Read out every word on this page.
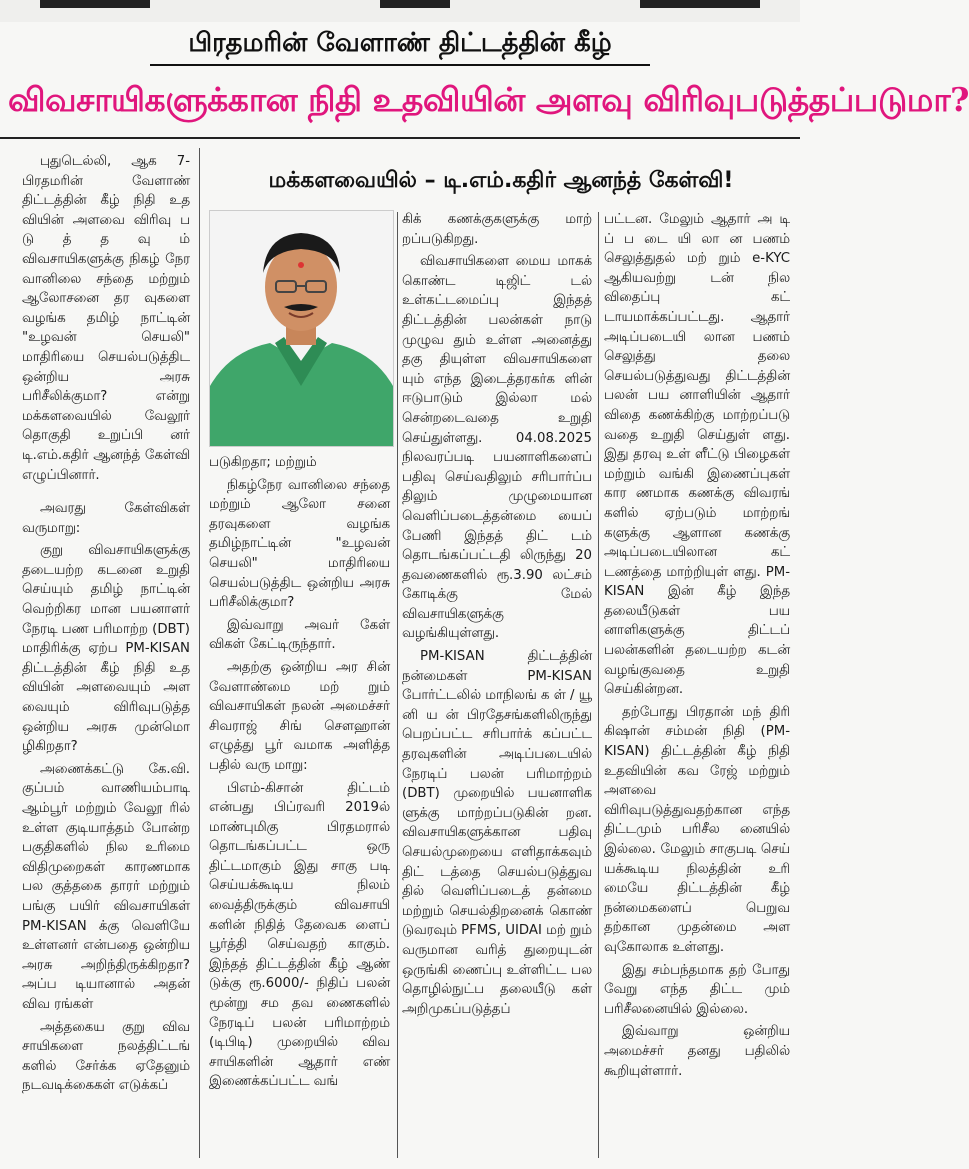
பிரதமரின் வேளாண் திட்டத்தின் கீழ்
விவசாயிகளுக்கான நிதி உதவியின் அளவு விரிவுபடுத்தப்படுமா?
மக்களவையில் – டி.எம்.கதிர் ஆனந்த் கேள்வி!

புதுடெல்லி, ஆக 7- பிரதமரின் வேளாண் திட்டத்தின் கீழ் நிதி உத வியின் அளவை விரிவு ப டு த் த வு ம் விவசாயிகளுக்கு நிகழ் நேர வானிலை சந்தை மற்றும் ஆலோசனை தர வுகளை வழங்க தமிழ் நாட்டின் "உழவன் செயலி" மாதிரியை செயல்படுத்திட ஒன்றிய அரசு பரிசீலிக்குமா? என்று மக்களவையில் வேலூர் தொகுதி உறுப்பி னர் டி.எம்.கதிர் ஆனந்த் கேள்வி எழுப்பினார்.

அவரது கேள்விகள் வருமாறு:

குறு விவசாயிகளுக்கு தடையற்ற கடனை உறுதி செய்யும் தமிழ் நாட்டின் வெற்றிகர மான பயனாளர் நேரடி பண பரிமாற்ற (DBT) மாதிரிக்கு ஏற்ப PM-KISAN திட்டத்தின் கீழ் நிதி உத வியின் அளவையும் அள வையும் விரிவுபடுத்த ஒன்றிய அரசு முன்மொ ழிகிறதா?

அணைக்கட்டு கே.வி. குப்பம் வாணியம்பாடி ஆம்பூர் மற்றும் வேலூ ரில் உள்ள குடியாத்தம் போன்ற பகுதிகளில் நில உரிமை விதிமுறைகள் காரணமாக பல குத்தகை தாரர் மற்றும் பங்கு பயிர் விவசாயிகள் PM-KISAN க்கு வெளியே உள்ளனர் என்பதை ஒன்றிய அரசு அறிந்திருக்கிறதா? அப்ப டியானால் அதன் விவ ரங்கள்

அத்தகைய குறு விவ சாயிகளை நலத்திட்டங் களில் சேர்க்க ஏதேனும் நடவடிக்கைகள் எடுக்கப்

படுகிறதா; மற்றும்

நிகழ்நேர வானிலை சந்தை மற்றும் ஆலோ சனை தரவுகளை வழங்க தமிழ்நாட்டின் "உழவன் செயலி" மாதிரியை செயல்படுத்திட ஒன்றிய அரசு பரிசீலிக்குமா?

இவ்வாறு அவர் கேள் விகள் கேட்டிருந்தார்.

அதற்கு ஒன்றிய அர சின் வேளாண்மை மற் றும் விவசாயிகள் நலன் அமைச்சர் சிவராஜ் சிங் சௌஹான் எழுத்து பூர் வமாக அளித்த பதில் வரு மாறு:

பிஎம்-கிசான் திட்டம் என்பது பிப்ரவரி 2019ல் மாண்புமிகு பிரதமரால் தொடங்கப்பட்ட ஒரு திட்டமாகும் இது சாகு படி செய்யக்கூடிய நிலம் வைத்திருக்கும் விவசாயி களின் நிதித் தேவைக ளைப் பூர்த்தி செய்வதற் காகும். இந்தத் திட்டத்தின் கீழ் ஆண் டுக்கு ரூ.6000/- நிதிப் பலன் மூன்று சம தவ ணைகளில் நேரடிப் பலன் பரிமாற்றம் (டிபிடி) முறையில் விவ சாயிகளின் ஆதார் எண் இணைக்கப்பட்ட வங்

கிக் கணக்குகளுக்கு மாற் றப்படுகிறது.

விவசாயிகளை மைய மாகக் கொண்ட டிஜிட் டல் உள்கட்டமைப்பு இந்தத் திட்டத்தின் பலன்கள் நாடு முழுவ தும் உள்ள அனைத்து தகு தியுள்ள விவசாயிகளை யும் எந்த இடைத்தரகர்க ளின் ஈடுபாடும் இல்லா மல் சென்றடைவதை உறுதி செய்துள்ளது. 04.08.2025 நிலவரப்படி பயனாளிகளைப் பதிவு செய்வதிலும் சரிபார்ப்ப திலும் முழுமையான வெளிப்படைத்தன்மை யைப் பேணி இந்தத் திட் டம் தொடங்கப்பட்டதி லிருந்து 20 தவணைகளில் ரூ.3.90 லட்சம் கோடிக்கு மேல் விவசாயிகளுக்கு வழங்கியுள்ளது.

PM-KISAN திட்டத்தின் நன்மைகள் PM-KISAN போர்ட்டலில் மாநிலங் க ள் / யூ னி ய ன் பிரதேசங்களிலிருந்து பெறப்பட்ட சரிபார்க் கப்பட்ட தரவுகளின் அடிப்படையில் நேரடிப் பலன் பரிமாற்றம் (DBT) முறையில் பயனாளிக ளுக்கு மாற்றப்படுகின் றன. விவசாயிகளுக்கான பதிவு செயல்முறையை எளிதாக்கவும் திட் டத்தை செயல்படுத்துவ தில் வெளிப்படைத் தன்மை மற்றும் செயல்திறனைக் கொண் டுவரவும் PFMS, UIDAI மற் றும் வருமான வரித் துறையுடன் ஒருங்கி ணைப்பு உள்ளிட்ட பல தொழில்நுட்ப தலையீடு கள் அறிமுகப்படுத்தப்

பட்டன. மேலும் ஆதார் அ டி ப் ப டை யி லா ன பணம் செலுத்துதல் மற் றும் e-KYC ஆகியவற்று டன் நில விதைப்பு கட் டாயமாக்கப்பட்டது. ஆதார் அடிப்படையி லான பணம் செலுத்து தலை செயல்படுத்துவது திட்டத்தின் பலன் பய னாளியின் ஆதார் விதை கணக்கிற்கு மாற்றப்படு வதை உறுதி செய்துள் ளது. இது தரவு உள் ளீட்டு பிழைகள் மற்றும் வங்கி இணைப்புகள் கார ணமாக கணக்கு விவரங் களில் ஏற்படும் மாற்றங் களுக்கு ஆளான கணக்கு அடிப்படையிலான கட் டணத்தை மாற்றியுள் ளது. PM-KISAN இன் கீழ் இந்த தலையீடுகள் பய னாளிகளுக்கு திட்டப் பலன்களின் தடையற்ற கடன் வழங்குவதை உறுதி செய்கின்றன.

தற்போது பிரதான் மந் திரி கிஷான் சம்மன் நிதி (PM-KISAN) திட்டத்தின் கீழ் நிதி உதவியின் கவ ரேஜ் மற்றும் அளவை விரிவுபடுத்துவதற்கான எந்த திட்டமும் பரிசீல னையில் இல்லை. மேலும் சாகுபடி செய் யக்கூடிய நிலத்தின் உரி மையே திட்டத்தின் கீழ் நன்மைகளைப் பெறுவ தற்கான முதன்மை அள வுகோலாக உள்ளது.

இது சம்பந்தமாக தற் போது வேறு எந்த திட்ட மும் பரிசீலனையில் இல்லை.

இவ்வாறு ஒன்றிய அமைச்சர் தனது பதிலில் கூறியுள்ளார்.
